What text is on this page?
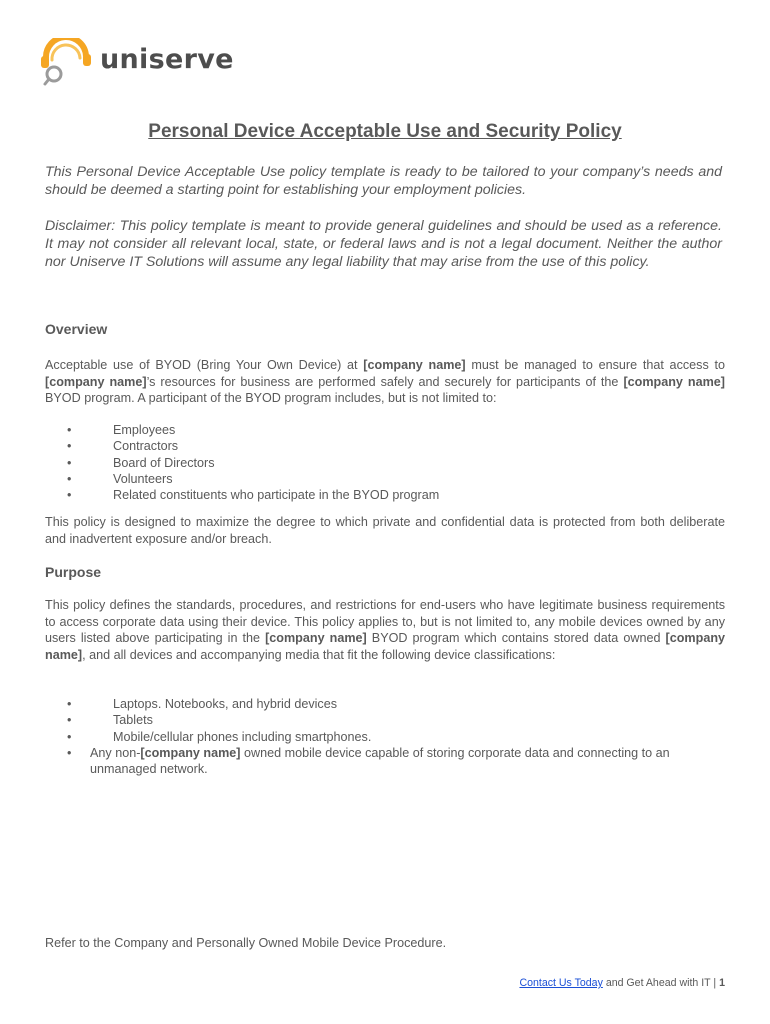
uniserve
Personal Device Acceptable Use and Security Policy

This Personal Device Acceptable Use policy template is ready to be tailored to your company’s needs and should be deemed a starting point for establishing your employment policies.

Disclaimer: This policy template is meant to provide general guidelines and should be used as a reference. It may not consider all relevant local, state, or federal laws and is not a legal document. Neither the author nor Uniserve IT Solutions will assume any legal liability that may arise from the use of this policy.

Overview

Acceptable use of BYOD (Bring Your Own Device) at [company name] must be managed to ensure that access to [company name]’s resources for business are performed safely and securely for participants of the [company name] BYOD program. A participant of the BYOD program includes, but is not limited to:

•	Employees
•	Contractors
•	Board of Directors
•	Volunteers
•	Related constituents who participate in the BYOD program

This policy is designed to maximize the degree to which private and confidential data is protected from both deliberate and inadvertent exposure and/or breach.

Purpose

This policy defines the standards, procedures, and restrictions for end-users who have legitimate business requirements to access corporate data using their device. This policy applies to, but is not limited to, any mobile devices owned by any users listed above participating in the [company name] BYOD program which contains stored data owned [company name], and all devices and accompanying media that fit the following device classifications:

•	Laptops. Notebooks, and hybrid devices
•	Tablets
•	Mobile/cellular phones including smartphones.
• Any non-[company name] owned mobile device capable of storing corporate data and connecting to an unmanaged network.

Refer to the Company and Personally Owned Mobile Device Procedure.

Contact Us Today and Get Ahead with IT | 1
